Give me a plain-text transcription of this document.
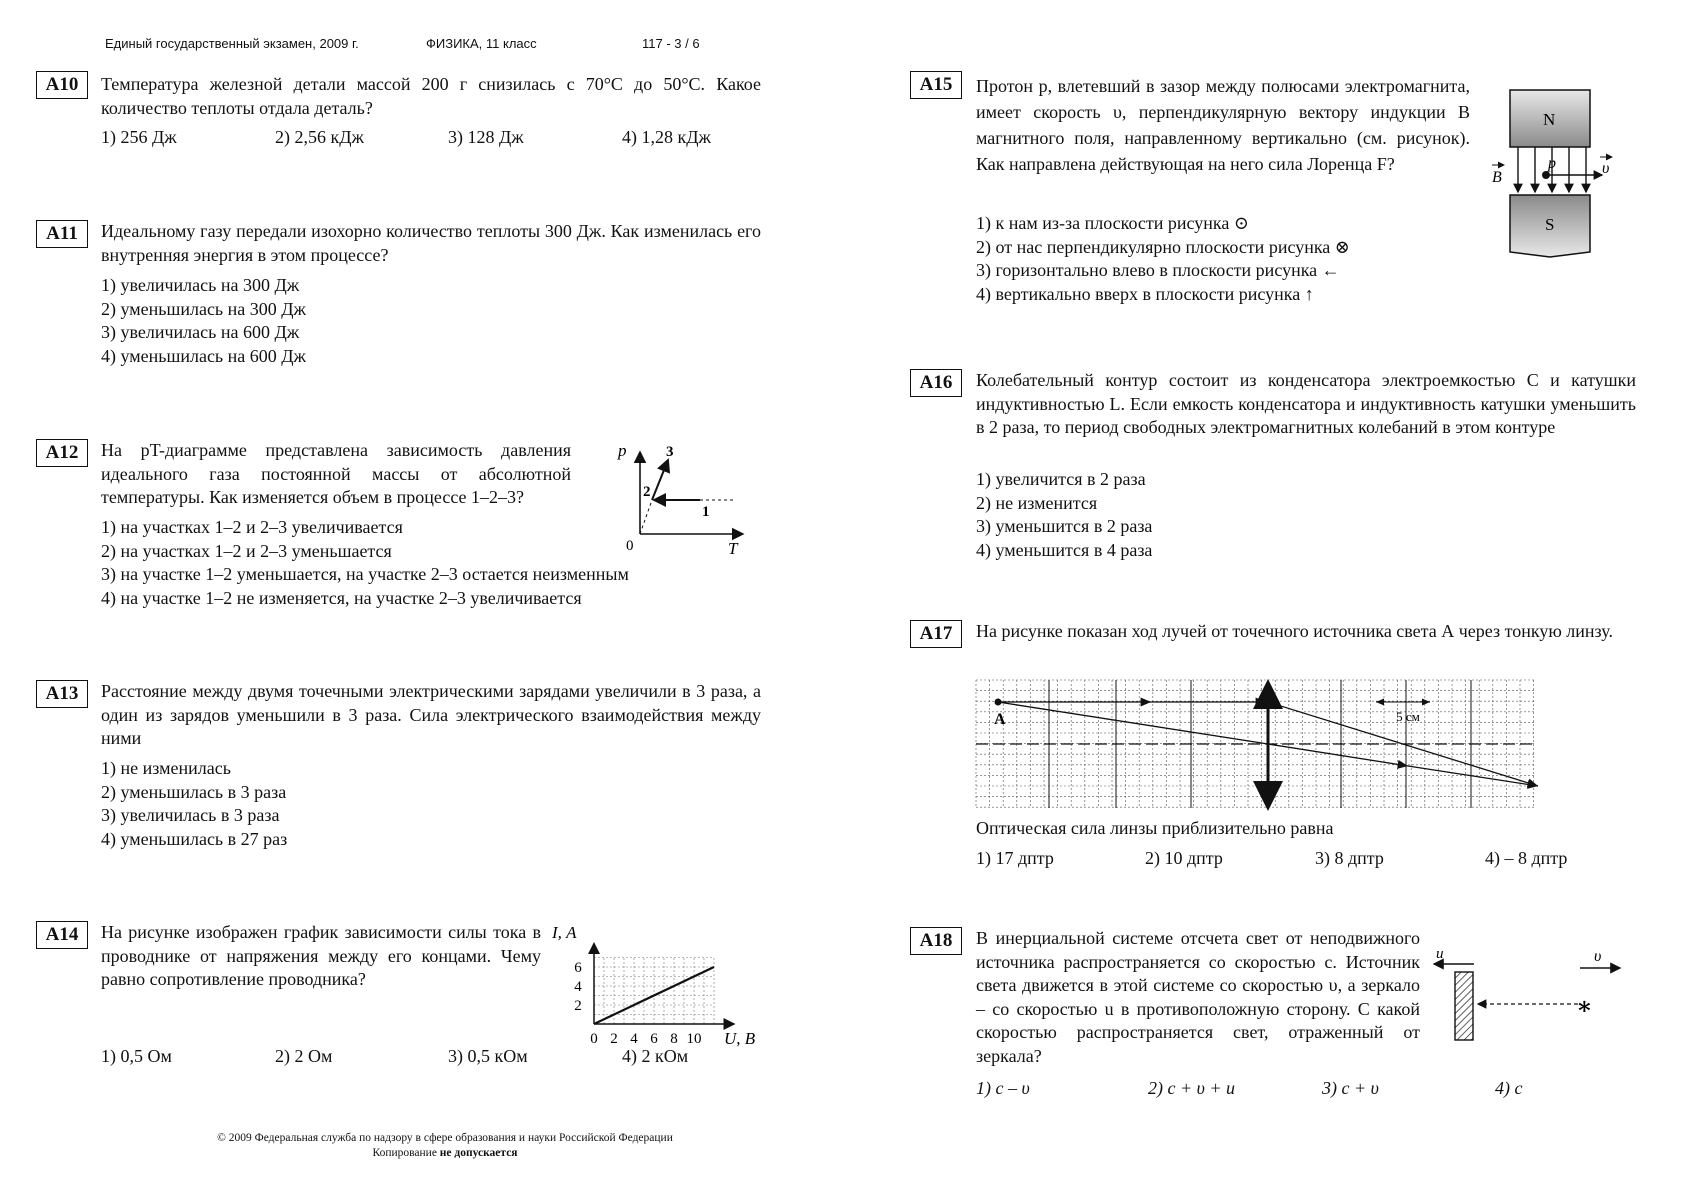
Единый государственный экзамен, 2009 г.	ФИЗИКА, 11 класс	117 - 3 / 6
А10	Температура железной детали массой 200 г снизилась с 70°С до 50°С. Какое количество теплоты отдала деталь?
1) 256 Дж	2) 2,56 кДж	3) 128 Дж	4) 1,28 кДж
А11	Идеальному газу передали изохорно количество теплоты 300 Дж. Как изменилась его внутренняя энергия в этом процессе?
1) увеличилась на 300 Дж
2) уменьшилась на 300 Дж
3) увеличилась на 600 Дж
4) уменьшилась на 600 Дж
А12	На pT-диаграмме представлена зависимость давления идеального газа постоянной массы от абсолютной температуры. Как изменяется объем в процессе 1–2–3?
p
T
0
1
2
3
1) на участках 1–2 и 2–3 увеличивается
2) на участках 1–2 и 2–3 уменьшается
3) на участке 1–2 уменьшается, на участке 2–3 остается неизменным
4) на участке 1–2 не изменяется, на участке 2–3 увеличивается
А13	Расстояние между двумя точечными электрическими зарядами увеличили в 3 раза, а один из зарядов уменьшили в 3 раза. Сила электрического взаимодействия между ними
1) не изменилась
2) уменьшилась в 3 раза
3) увеличилась в 3 раза
4) уменьшилась в 27 раз
А14	На рисунке изображен график зависимости силы тока в проводнике от напряжения между его концами. Чему равно сопротивление проводника?
0 2 4 6 8 10
2
4
6
I, А
U, В
1) 0,5 Ом	2) 2 Ом	3) 0,5 кОм	4) 2 кОм
А15	Протон p, влетевший в зазор между полюсами электромагнита, имеет скорость υ, перпендикулярную вектору индукции B магнитного поля, направленному вертикально (см. рисунок). Как направлена действующая на него сила Лоренца F?
N
S
B
p	υ
1) к нам из-за плоскости рисунка ⊙
2) от нас перпендикулярно плоскости рисунка ⊗
3) горизонтально влево в плоскости рисунка ←
4) вертикально вверх в плоскости рисунка ↑
А16	Колебательный контур состоит из конденсатора электроемкостью C и катушки индуктивностью L. Если емкость конденсатора и индуктивность катушки уменьшить в 2 раза, то период свободных электромагнитных колебаний в этом контуре
1) увеличится в 2 раза
2) не изменится
3) уменьшится в 2 раза
4) уменьшится в 4 раза
А17	На рисунке показан ход лучей от точечного источника света А через тонкую линзу.
А	5 см
Оптическая сила линзы приблизительно равна
1) 17 дптр	2) 10 дптр	3) 8 дптр	4) – 8 дптр
А18	В инерциальной системе отсчета свет от неподвижного источника распространяется со скоростью с. Источник света движется в этой системе со скоростью υ, а зеркало – со скоростью u в противоположную сторону. С какой скоростью распространяется свет, отраженный от зеркала?
u
∗
υ
1) c – υ	2) c + υ + u	3) c + υ	4) c
© 2009 Федеральная служба по надзору в сфере образования и науки Российской Федерации
Копирование не допускается
